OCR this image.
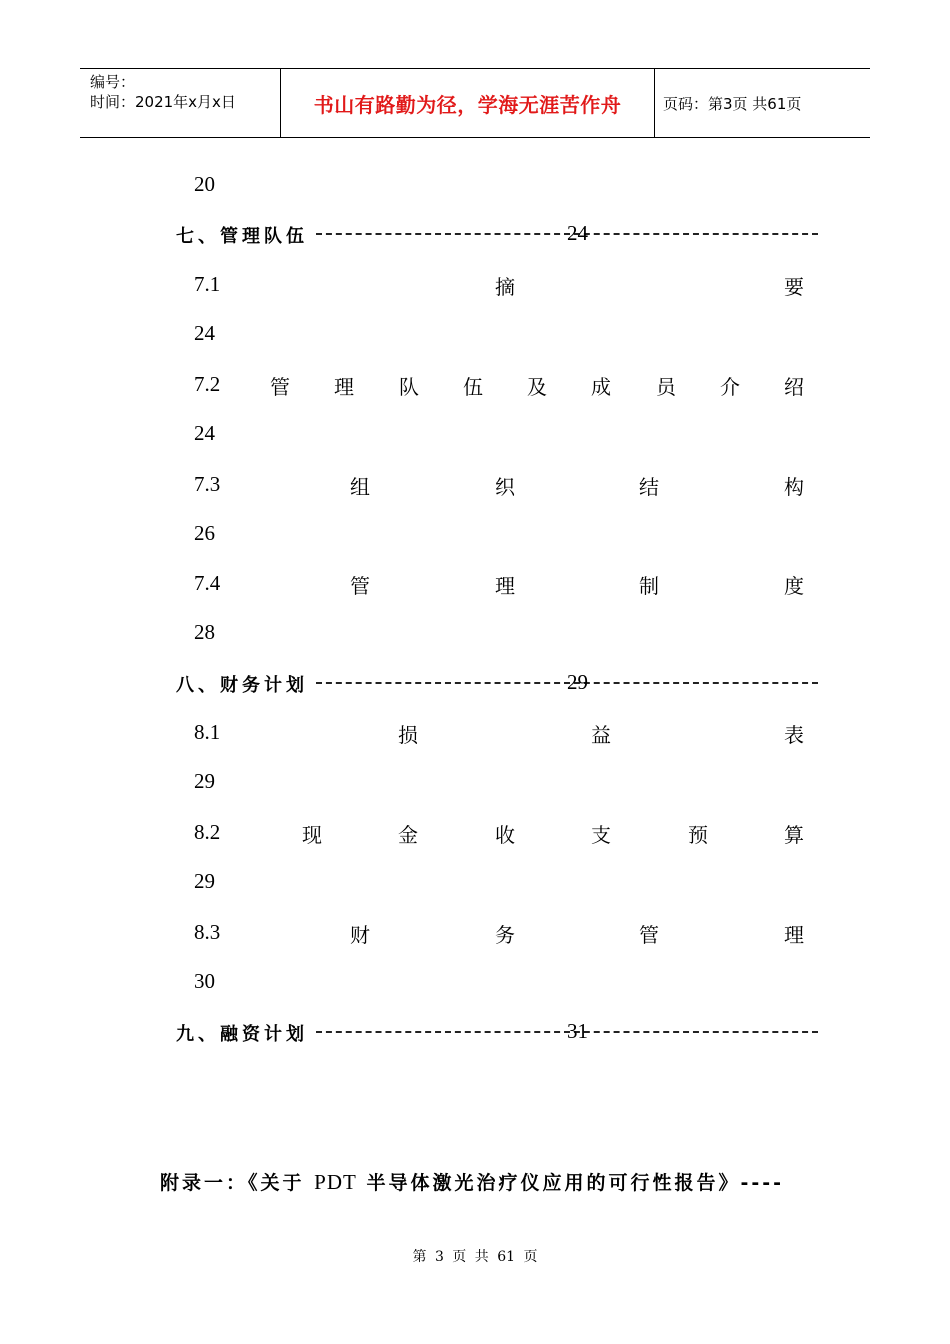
编号：
时间：2021年x月x日	书山有路勤为径，学海无涯苦作舟	页码：第3页 共61页
20
七、管理队伍	24
7.1	摘	要
24
7.2 管 理 队 伍 及 成 员 介 绍
24
7.3	组	织	结	构
26
7.4	管	理	制	度
28
八、财务计划	29
8.1	损	益	表
29
8.2	现	金	收	支	预	算
29
8.3	财	务	管	理
30
九、融资计划	31
附录一：《关于 PDT 半导体激光治疗仪应用的可行性报告》----
第 3 页 共 61 页
